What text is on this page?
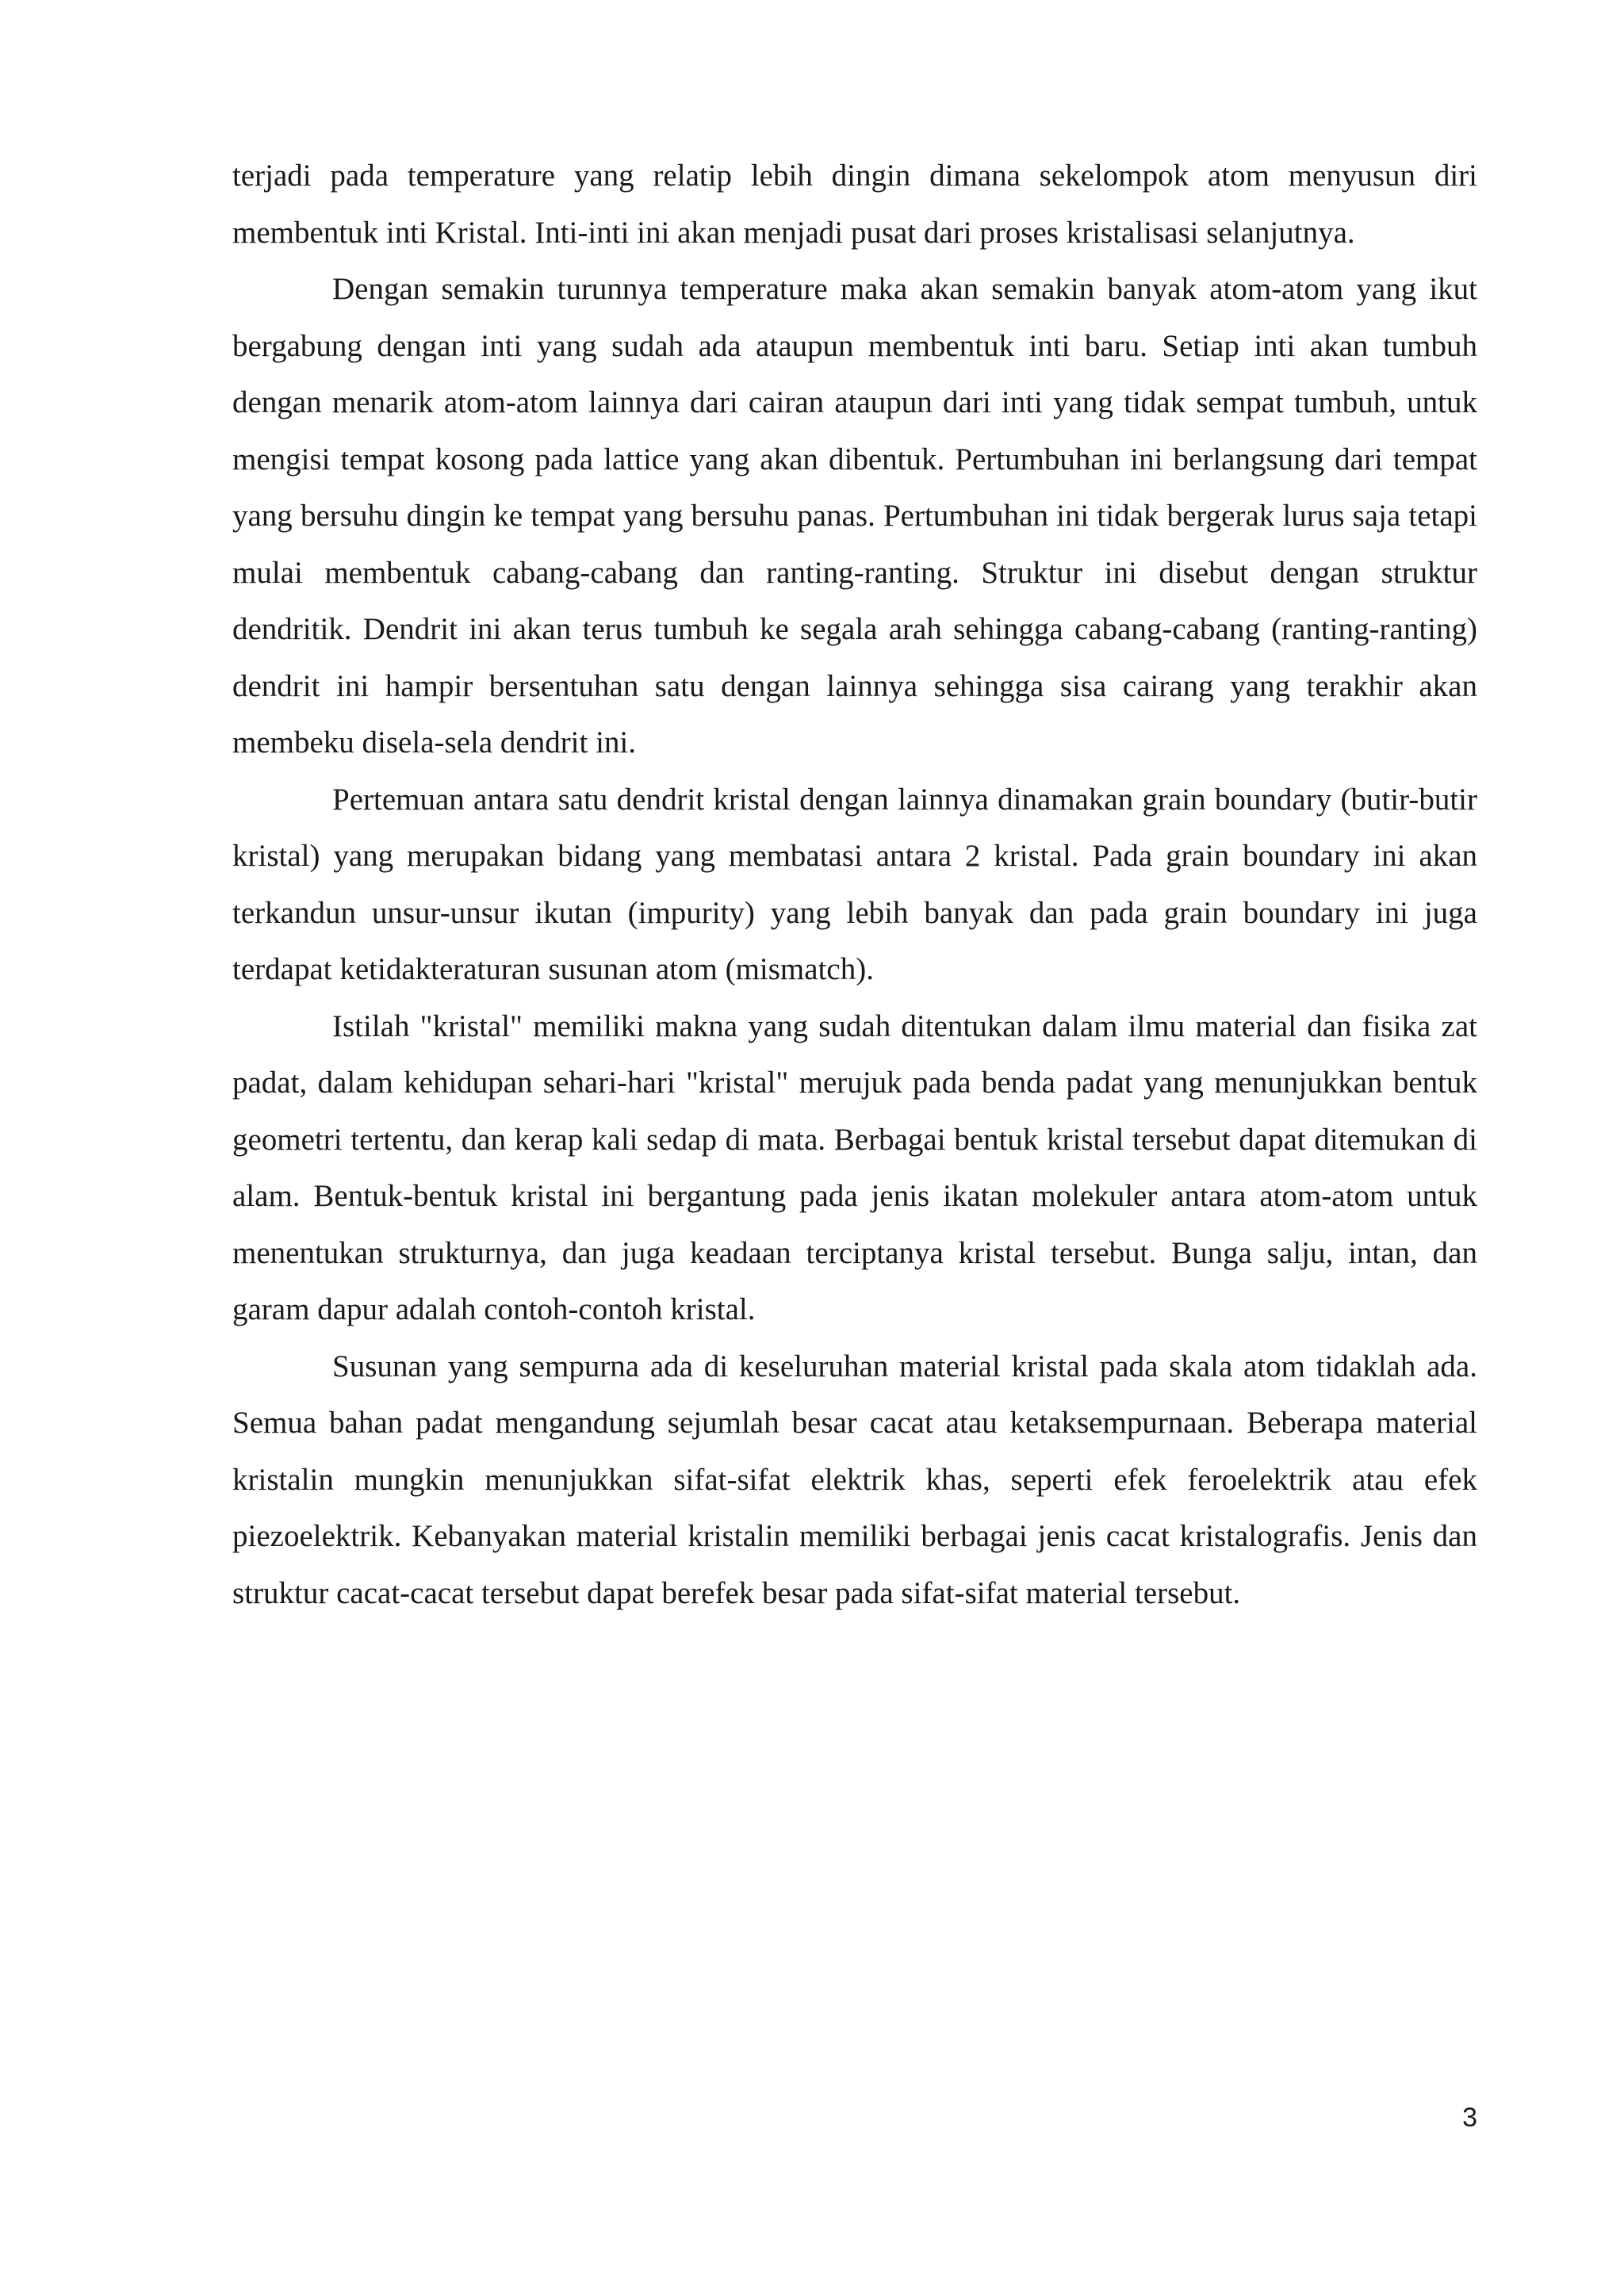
terjadi pada temperature yang relatip lebih dingin dimana sekelompok atom menyusun diri membentuk inti Kristal. Inti-inti ini akan menjadi pusat dari proses kristalisasi selanjutnya.

Dengan semakin turunnya temperature maka akan semakin banyak atom-atom yang ikut bergabung dengan inti yang sudah ada ataupun membentuk inti baru. Setiap inti akan tumbuh dengan menarik atom-atom lainnya dari cairan ataupun dari inti yang tidak sempat tumbuh, untuk mengisi tempat kosong pada lattice yang akan dibentuk. Pertumbuhan ini berlangsung dari tempat yang bersuhu dingin ke tempat yang bersuhu panas. Pertumbuhan ini tidak bergerak lurus saja tetapi mulai membentuk cabang-cabang dan ranting-ranting. Struktur ini disebut dengan struktur dendritik. Dendrit ini akan terus tumbuh ke segala arah sehingga cabang-cabang (ranting-ranting) dendrit ini hampir bersentuhan satu dengan lainnya sehingga sisa cairang yang terakhir akan membeku disela-sela dendrit ini.

Pertemuan antara satu dendrit kristal dengan lainnya dinamakan grain boundary (butir-butir kristal) yang merupakan bidang yang membatasi antara 2 kristal. Pada grain boundary ini akan terkandun unsur-unsur ikutan (impurity) yang lebih banyak dan pada grain boundary ini juga terdapat ketidakteraturan susunan atom (mismatch).

Istilah "kristal" memiliki makna yang sudah ditentukan dalam ilmu material dan fisika zat padat, dalam kehidupan sehari-hari "kristal" merujuk pada benda padat yang menunjukkan bentuk geometri tertentu, dan kerap kali sedap di mata. Berbagai bentuk kristal tersebut dapat ditemukan di alam. Bentuk-bentuk kristal ini bergantung pada jenis ikatan molekuler antara atom-atom untuk menentukan strukturnya, dan juga keadaan terciptanya kristal tersebut. Bunga salju, intan, dan garam dapur adalah contoh-contoh kristal.

Susunan yang sempurna ada di keseluruhan material kristal pada skala atom tidaklah ada. Semua bahan padat mengandung sejumlah besar cacat atau ketaksempurnaan. Beberapa material kristalin mungkin menunjukkan sifat-sifat elektrik khas, seperti efek feroelektrik atau efek piezoelektrik. Kebanyakan material kristalin memiliki berbagai jenis cacat kristalografis. Jenis dan struktur cacat-cacat tersebut dapat berefek besar pada sifat-sifat material tersebut.

3
